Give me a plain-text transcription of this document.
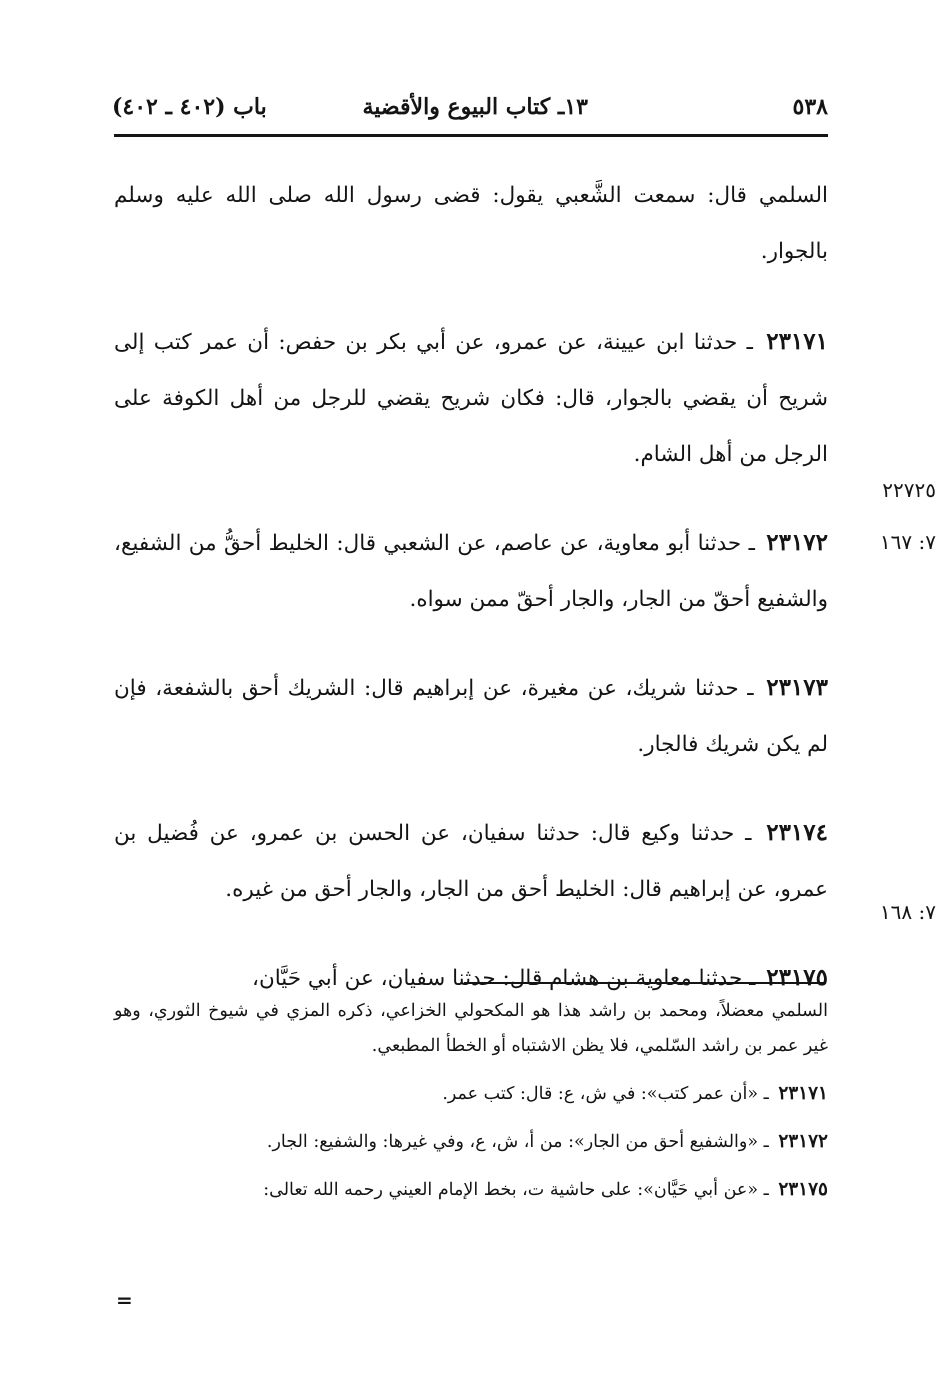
٥٣٨
١٣ـ كتاب البيوع والأقضية
باب (٤٠٢ ـ ٤٠٢)

السلمي قال: سمعت الشَّعبي يقول: قضى رسول الله صلى الله عليه وسلم بالجوار.

٢٣١٧١ ـ حدثنا ابن عيينة، عن عمرو، عن أبي بكر بن حفص: أن عمر كتب إلى شريح أن يقضي بالجوار، قال: فكان شريح يقضي للرجل من أهل الكوفة على الرجل من أهل الشام.

٢٣١٧٢ ـ حدثنا أبو معاوية، عن عاصم، عن الشعبي قال: الخليط أحقُّ من الشفيع، والشفيع أحقّ من الجار، والجار أحقّ ممن سواه.

٢٣١٧٣ ـ حدثنا شريك، عن مغيرة، عن إبراهيم قال: الشريك أحق بالشفعة، فإن لم يكن شريك فالجار.

٢٣١٧٤ ـ حدثنا وكيع قال: حدثنا سفيان، عن الحسن بن عمرو، عن فُضيل بن عمرو، عن إبراهيم قال: الخليط أحق من الجار، والجار أحق من غيره.

٢٣١٧٥ ـ حدثنا معاوية بن هشام قال: حدثنا سفيان، عن أبي حَيَّان،

٢٢٧٢٥
٧: ١٦٧
٧: ١٦٨

السلمي معضلاً، ومحمد بن راشد هذا هو المكحولي الخزاعي، ذكره المزي في شيوخ الثوري، وهو غير عمر بن راشد السّلمي، فلا يظن الاشتباه أو الخطأ المطبعي.

٢٣١٧١ ـ «أن عمر كتب»: في ش، ع: قال: كتب عمر.

٢٣١٧٢ ـ «والشفيع أحق من الجار»: من أ، ش، ع، وفي غيرها: والشفيع: الجار.

٢٣١٧٥ ـ «عن أبي حَيَّان»: على حاشية ت، بخط الإمام العيني رحمه الله تعالى:

=
